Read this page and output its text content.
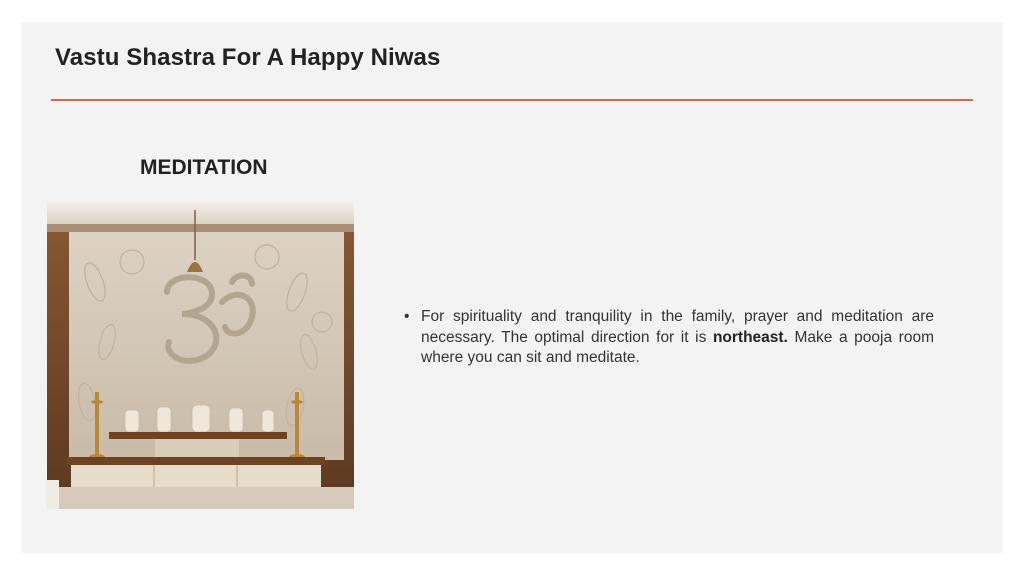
Vastu Shastra For A Happy Niwas
MEDITATION
• For spirituality and tranquility in the family, prayer and meditation are necessary. The optimal direction for it is northeast. Make a pooja room where you can sit and meditate.
